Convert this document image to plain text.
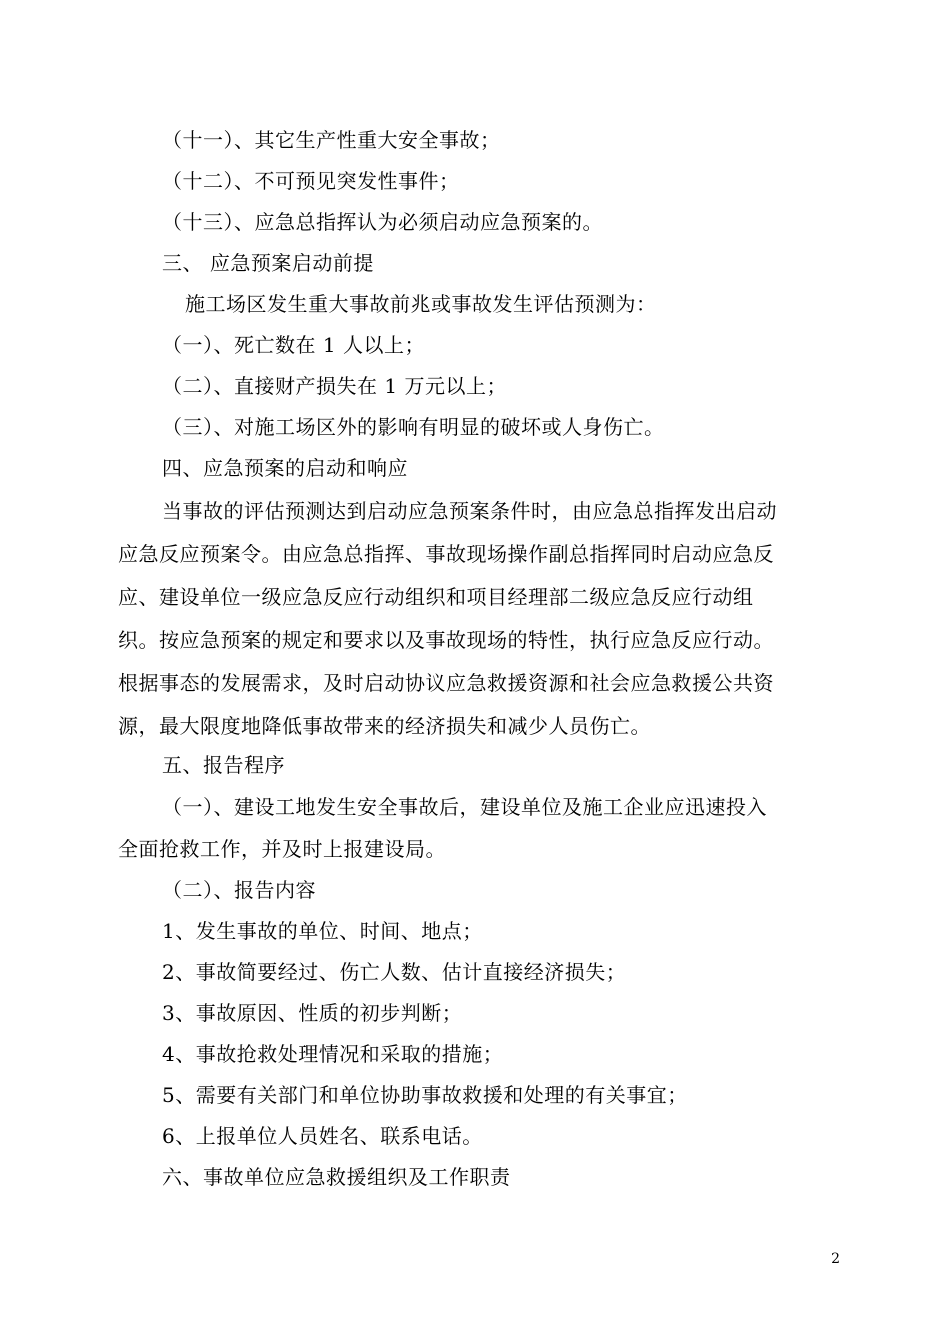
（十一）、其它生产性重大安全事故；
（十二）、不可预见突发性事件；
（十三）、应急总指挥认为必须启动应急预案的。
三、 应急预案启动前提
施工场区发生重大事故前兆或事故发生评估预测为：
（一）、死亡数在 1 人以上；
（二）、直接财产损失在 1 万元以上；
（三）、对施工场区外的影响有明显的破坏或人身伤亡。
四、应急预案的启动和响应
当事故的评估预测达到启动应急预案条件时，由应急总指挥发出启动
应急反应预案令。由应急总指挥、事故现场操作副总指挥同时启动应急反
应、建设单位一级应急反应行动组织和项目经理部二级应急反应行动组
织。按应急预案的规定和要求以及事故现场的特性，执行应急反应行动。
根据事态的发展需求，及时启动协议应急救援资源和社会应急救援公共资
源，最大限度地降低事故带来的经济损失和减少人员伤亡。
五、报告程序
（一）、建设工地发生安全事故后，建设单位及施工企业应迅速投入
全面抢救工作，并及时上报建设局。
（二）、报告内容
1、发生事故的单位、时间、地点；
2、事故简要经过、伤亡人数、估计直接经济损失；
3、事故原因、性质的初步判断；
4、事故抢救处理情况和采取的措施；
5、需要有关部门和单位协助事故救援和处理的有关事宜；
6、上报单位人员姓名、联系电话。
六、事故单位应急救援组织及工作职责
2
